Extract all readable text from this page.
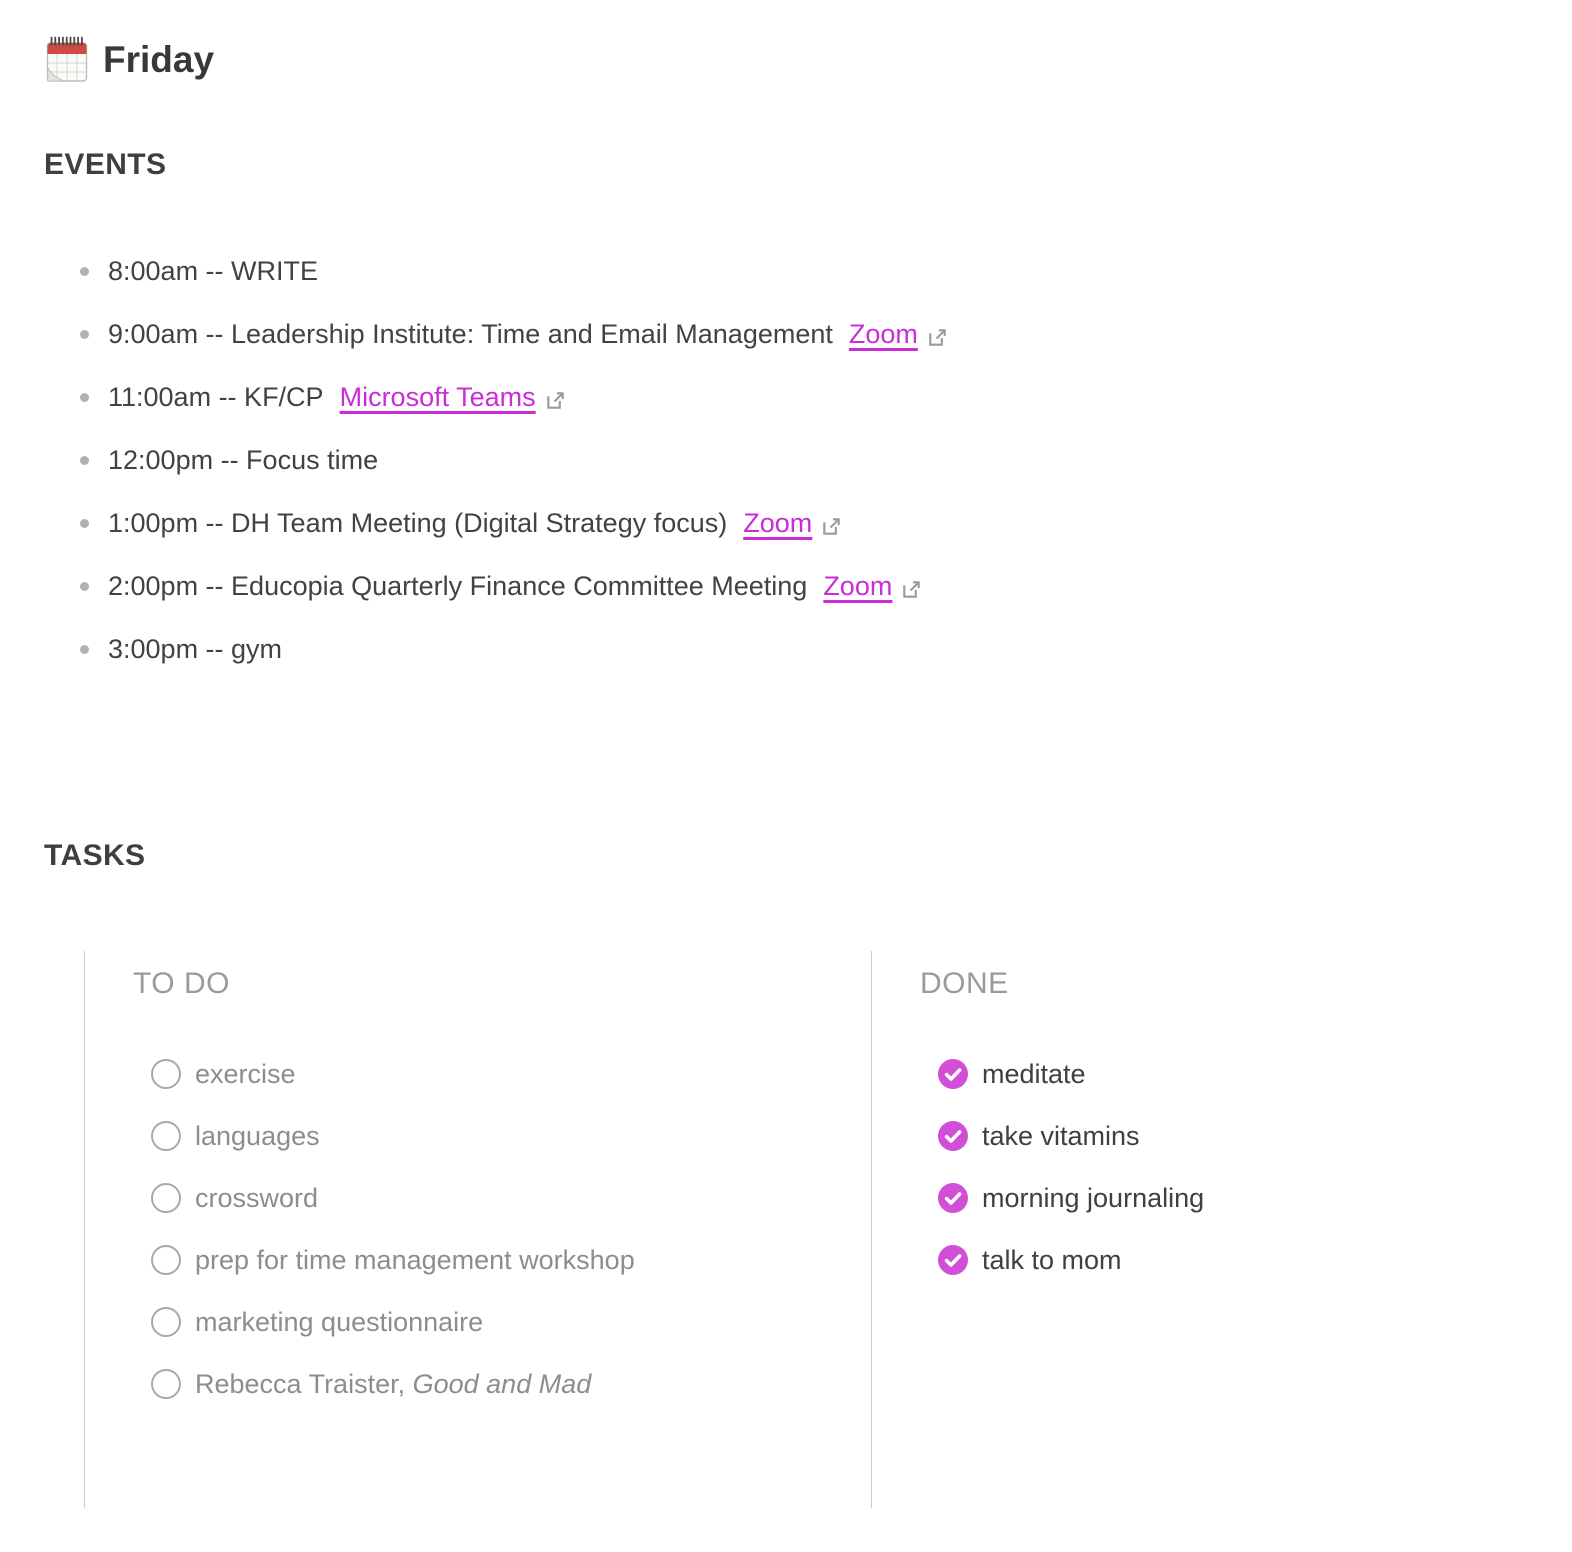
Friday
EVENTS
8:00am -- WRITE
9:00am -- Leadership Institute: Time and Email Management Zoom
11:00am -- KF/CP Microsoft Teams
12:00pm -- Focus time
1:00pm -- DH Team Meeting (Digital Strategy focus) Zoom
2:00pm -- Educopia Quarterly Finance Committee Meeting Zoom
3:00pm -- gym
TASKS
TO DO
exercise
languages
crossword
prep for time management workshop
marketing questionnaire
Rebecca Traister, Good and Mad
DONE
meditate
take vitamins
morning journaling
talk to mom
